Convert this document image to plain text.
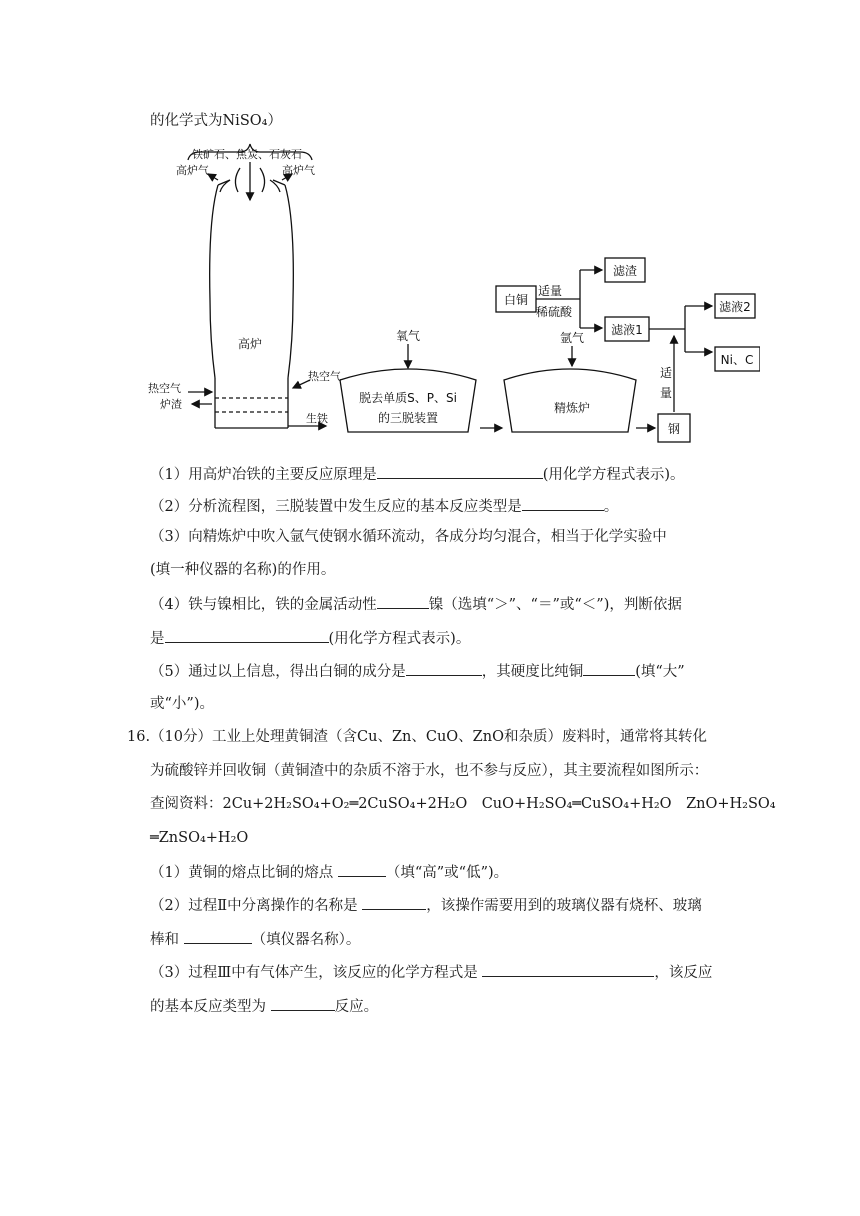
的化学式为NiSO₄）
铁矿石、焦炭、石灰石
高炉气	高炉气
高炉
热空气
炉渣
热空气
生铁
氧气
脱去单质S、P、Si
的三脱装置
氩气
精炼炉
钢
白铜
适量
稀硫酸
滤渣
滤液1
滤液2
Ni、C
适
量
（1）用高炉冶铁的主要反应原理是	(用化学方程式表示)。
（2）分析流程图，三脱装置中发生反应的基本反应类型是	。
（3）向精炼炉中吹入氩气使钢水循环流动，各成分均匀混合，相当于化学实验中
(填一种仪器的名称)的作用。
（4）铁与镍相比，铁的金属活动性	镍（选填“＞”、“＝”或“＜”)，判断依据
是	(用化学方程式表示)。
（5）通过以上信息，得出白铜的成分是	，其硬度比纯铜	(填“大”
或“小”)。
16.（10分）工业上处理黄铜渣（含Cu、Zn、CuO、ZnO和杂质）废料时，通常将其转化
为硫酸锌并回收铜（黄铜渣中的杂质不溶于水，也不参与反应），其主要流程如图所示：
查阅资料：2Cu+2H₂SO₄+O₂═2CuSO₄+2H₂O　CuO+H₂SO₄═CuSO₄+H₂O　ZnO+H₂SO₄
═ZnSO₄+H₂O
（1）黄铜的熔点比铜的熔点	（填“高”或“低”)。
（2）过程Ⅱ中分离操作的名称是	，该操作需要用到的玻璃仪器有烧杯、玻璃
棒和	（填仪器名称）。
（3）过程Ⅲ中有气体产生，该反应的化学方程式是	，该反应
的基本反应类型为	反应。
